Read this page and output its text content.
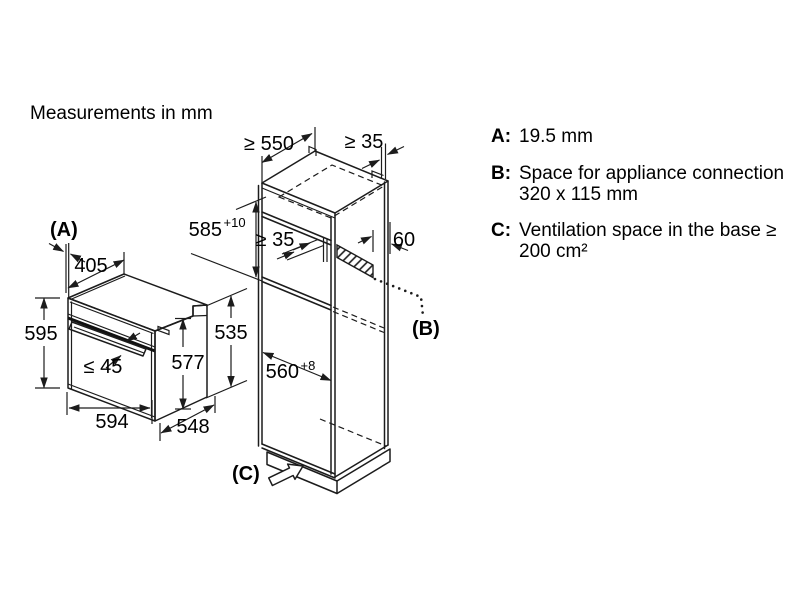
Measurements in mm
A: 19.5 mm
B: Space for appliance connection
320 x 115 mm
C: Ventilation space in the base ≥
200 cm²
(A)
405
595
≤ 45 577
594 548
535
≥ 550	≥ 35
585 +10
≥ 35	60
560 +8
(B)
(C)
